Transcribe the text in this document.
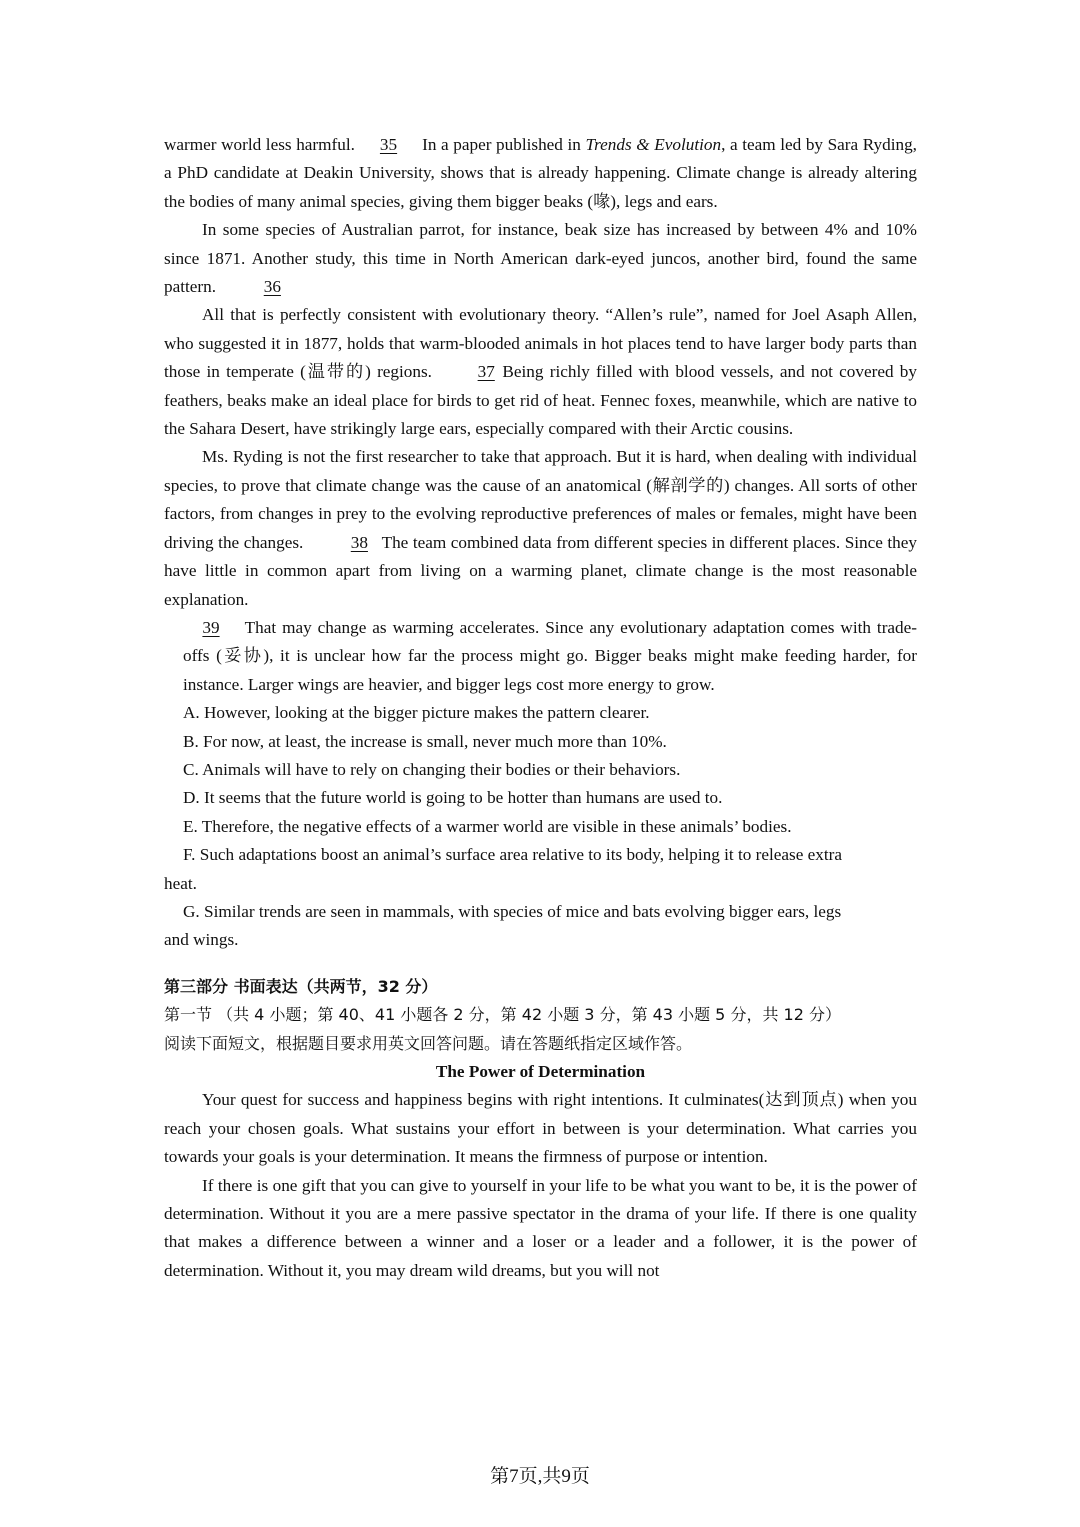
warmer world less harmful. 35 In a paper published in Trends & Evolution, a team led by Sara Ryding, a PhD candidate at Deakin University, shows that is already happening. Climate change is already altering the bodies of many animal species, giving them bigger beaks (喙), legs and ears.

In some species of Australian parrot, for instance, beak size has increased by between 4% and 10% since 1871. Another study, this time in North American dark-eyed juncos, another bird, found the same pattern.	36

All that is perfectly consistent with evolutionary theory. “Allen’s rule”, named for Joel Asaph Allen, who suggested it in 1877, holds that warm-blooded animals in hot places tend to have larger body parts than those in temperate (温带的) regions. 37 Being richly filled with blood vessels, and not covered by feathers, beaks make an ideal place for birds to get rid of heat. Fennec foxes, meanwhile, which are native to the Sahara Desert, have strikingly large ears, especially compared with their Arctic cousins.

Ms. Ryding is not the first researcher to take that approach. But it is hard, when dealing with individual species, to prove that climate change was the cause of an anatomical (解剖学的) changes. All sorts of other factors, from changes in prey to the evolving reproductive preferences of males or females, might have been driving the changes.	38 The team combined data from different species in different places. Since they have little in common apart from living on a warming planet, climate change is the most reasonable explanation.

39 That may change as warming accelerates. Since any evolutionary adaptation comes with trade-offs (妥协), it is unclear how far the process might go. Bigger beaks might make feeding harder, for instance. Larger wings are heavier, and bigger legs cost more energy to grow.

A. However, looking at the bigger picture makes the pattern clearer.

B. For now, at least, the increase is small, never much more than 10%.

C. Animals will have to rely on changing their bodies or their behaviors.

D. It seems that the future world is going to be hotter than humans are used to.

E. Therefore, the negative effects of a warmer world are visible in these animals’ bodies.

F. Such adaptations boost an animal’s surface area relative to its body, helping it to release extra

heat.

G. Similar trends are seen in mammals, with species of mice and bats evolving bigger ears, legs

and wings.

第三部分 书面表达（共两节，32 分）

第一节 （共 4 小题；第 40、41 小题各 2 分，第 42 小题 3 分，第 43 小题 5 分，共 12 分）

阅读下面短文，根据题目要求用英文回答问题。请在答题纸指定区域作答。

The Power of Determination

Your quest for success and happiness begins with right intentions. It culminates(达到顶点) when you reach your chosen goals. What sustains your effort in between is your determination. What carries you towards your goals is your determination. It means the firmness of purpose or intention.

If there is one gift that you can give to yourself in your life to be what you want to be, it is the power of determination. Without it you are a mere passive spectator in the drama of your life. If there is one quality that makes a difference between a winner and a loser or a leader and a follower, it is the power of determination. Without it, you may dream wild dreams, but you will not

第7页,共9页
